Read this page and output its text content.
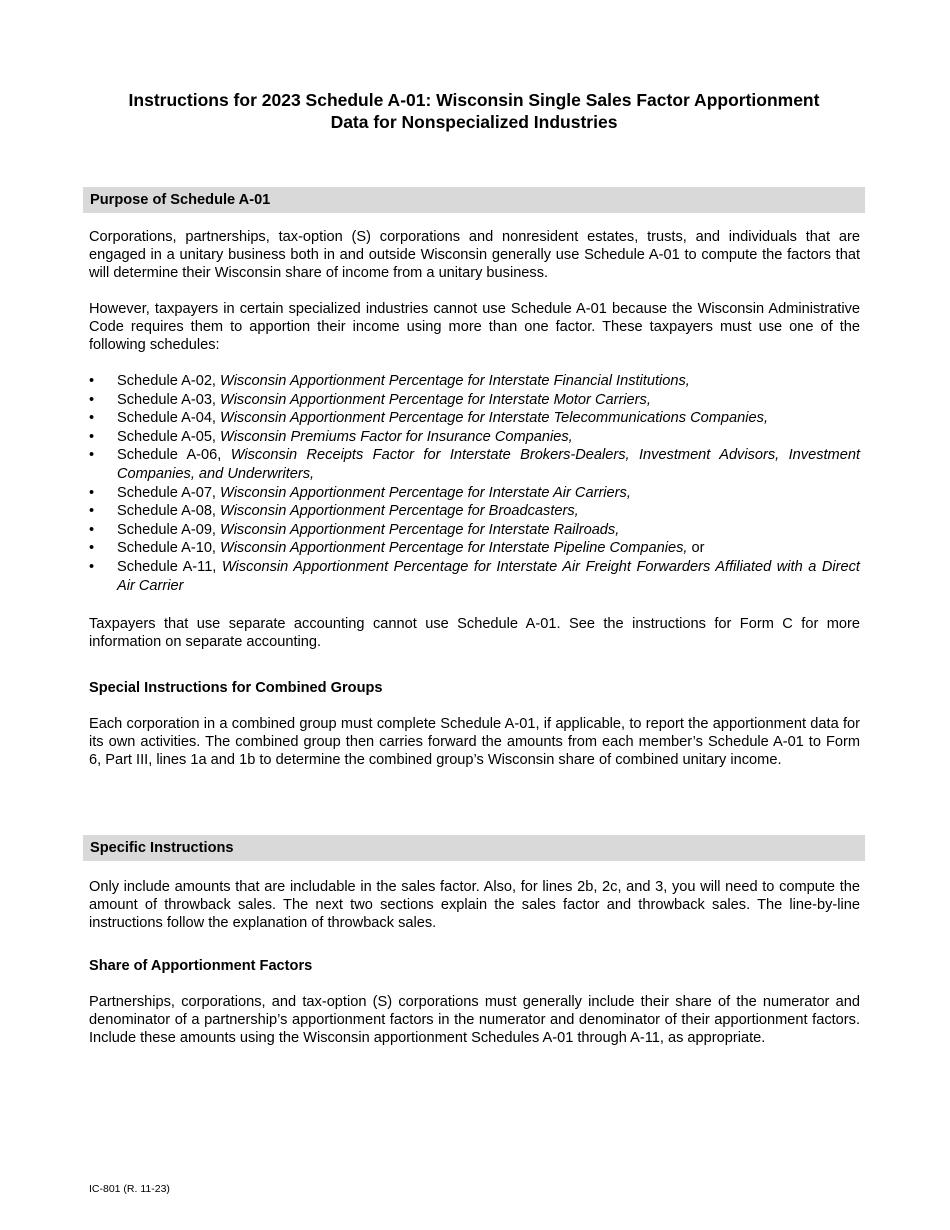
Instructions for 2023 Schedule A-01: Wisconsin Single Sales Factor Apportionment
Data for Nonspecialized Industries
Purpose of Schedule A-01

Corporations, partnerships, tax-option (S) corporations and nonresident estates, trusts, and individuals that are engaged in a unitary business both in and outside Wisconsin generally use Schedule A-01 to compute the factors that will determine their Wisconsin share of income from a unitary business.

However, taxpayers in certain specialized industries cannot use Schedule A-01 because the Wisconsin Administrative Code requires them to apportion their income using more than one factor. These taxpayers must use one of the following schedules:

•	Schedule A-02, Wisconsin Apportionment Percentage for Interstate Financial Institutions,
•	Schedule A-03, Wisconsin Apportionment Percentage for Interstate Motor Carriers,
•	Schedule A-04, Wisconsin Apportionment Percentage for Interstate Telecommunications Companies,
•	Schedule A-05, Wisconsin Premiums Factor for Insurance Companies,
•	Schedule A-06, Wisconsin Receipts Factor for Interstate Brokers-Dealers, Investment Advisors, Investment Companies, and Underwriters,
•	Schedule A-07, Wisconsin Apportionment Percentage for Interstate Air Carriers,
•	Schedule A-08, Wisconsin Apportionment Percentage for Broadcasters,
•	Schedule A-09, Wisconsin Apportionment Percentage for Interstate Railroads,
•	Schedule A-10, Wisconsin Apportionment Percentage for Interstate Pipeline Companies, or
•	Schedule A-11, Wisconsin Apportionment Percentage for Interstate Air Freight Forwarders Affiliated with a Direct Air Carrier

Taxpayers that use separate accounting cannot use Schedule A-01. See the instructions for Form C for more information on separate accounting.

Special Instructions for Combined Groups

Each corporation in a combined group must complete Schedule A-01, if applicable, to report the apportionment data for its own activities. The combined group then carries forward the amounts from each member’s Schedule A-01 to Form 6, Part III, lines 1a and 1b to determine the combined group’s Wisconsin share of combined unitary income.

Specific Instructions

Only include amounts that are includable in the sales factor. Also, for lines 2b, 2c, and 3, you will need to compute the amount of throwback sales. The next two sections explain the sales factor and throwback sales. The line-by-line instructions follow the explanation of throwback sales.

Share of Apportionment Factors

Partnerships, corporations, and tax-option (S) corporations must generally include their share of the numerator and denominator of a partnership’s apportionment factors in the numerator and denominator of their apportionment factors. Include these amounts using the Wisconsin apportionment Schedules A-01 through A-11, as appropriate.

IC-801 (R. 11-23)
